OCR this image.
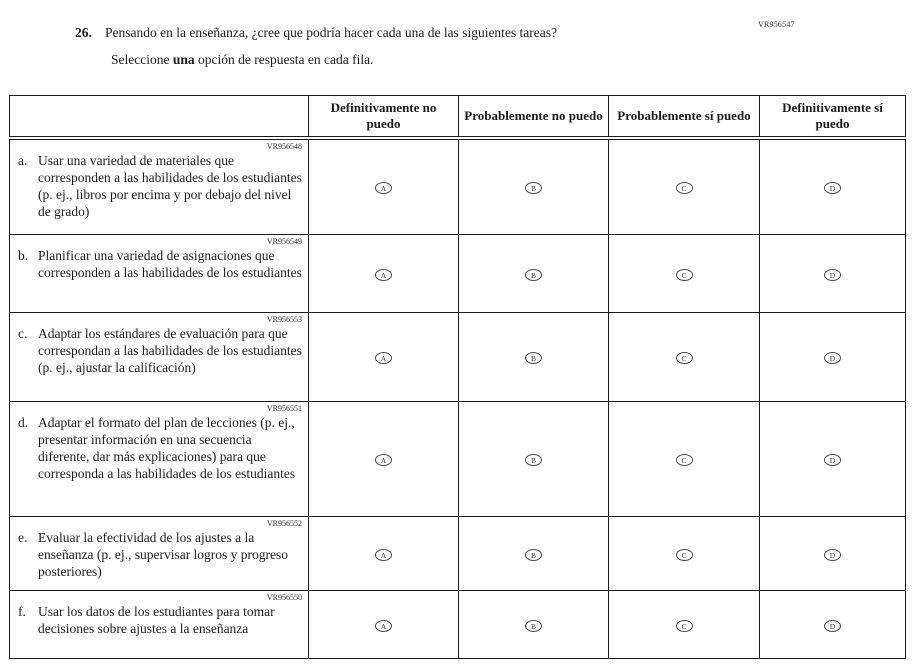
VR956547
26. Pensando en la enseñanza, ¿cree que podría hacer cada una de las siguientes tareas?
Seleccione una opción de respuesta en cada fila.
	Definitivamente no puedo	Probablemente no puedo	Probablemente sí puedo	Definitivamente sí puedo

VR956548
a. Usar una variedad de materiales que corresponden a las habilidades de los estudiantes (p. ej., libros por encima y por debajo del nivel de grado)	A	B	C	D

VR956549
b. Planificar una variedad de asignaciones que corresponden a las habilidades de los estudiantes	A	B	C	D

VR956553
c. Adaptar los estándares de evaluación para que correspondan a las habilidades de los estudiantes (p. ej., ajustar la calificación)	A	B	C	D

VR956551
d. Adaptar el formato del plan de lecciones (p. ej., presentar información en una secuencia diferente, dar más explicaciones) para que corresponda a las habilidades de los estudiantes	A	B	C	D

VR956552
e. Evaluar la efectividad de los ajustes a la enseñanza (p. ej., supervisar logros y progreso posteriores)	A	B	C	D

VR956550
f. Usar los datos de los estudiantes para tomar decisiones sobre ajustes a la enseñanza	A	B	C	D
